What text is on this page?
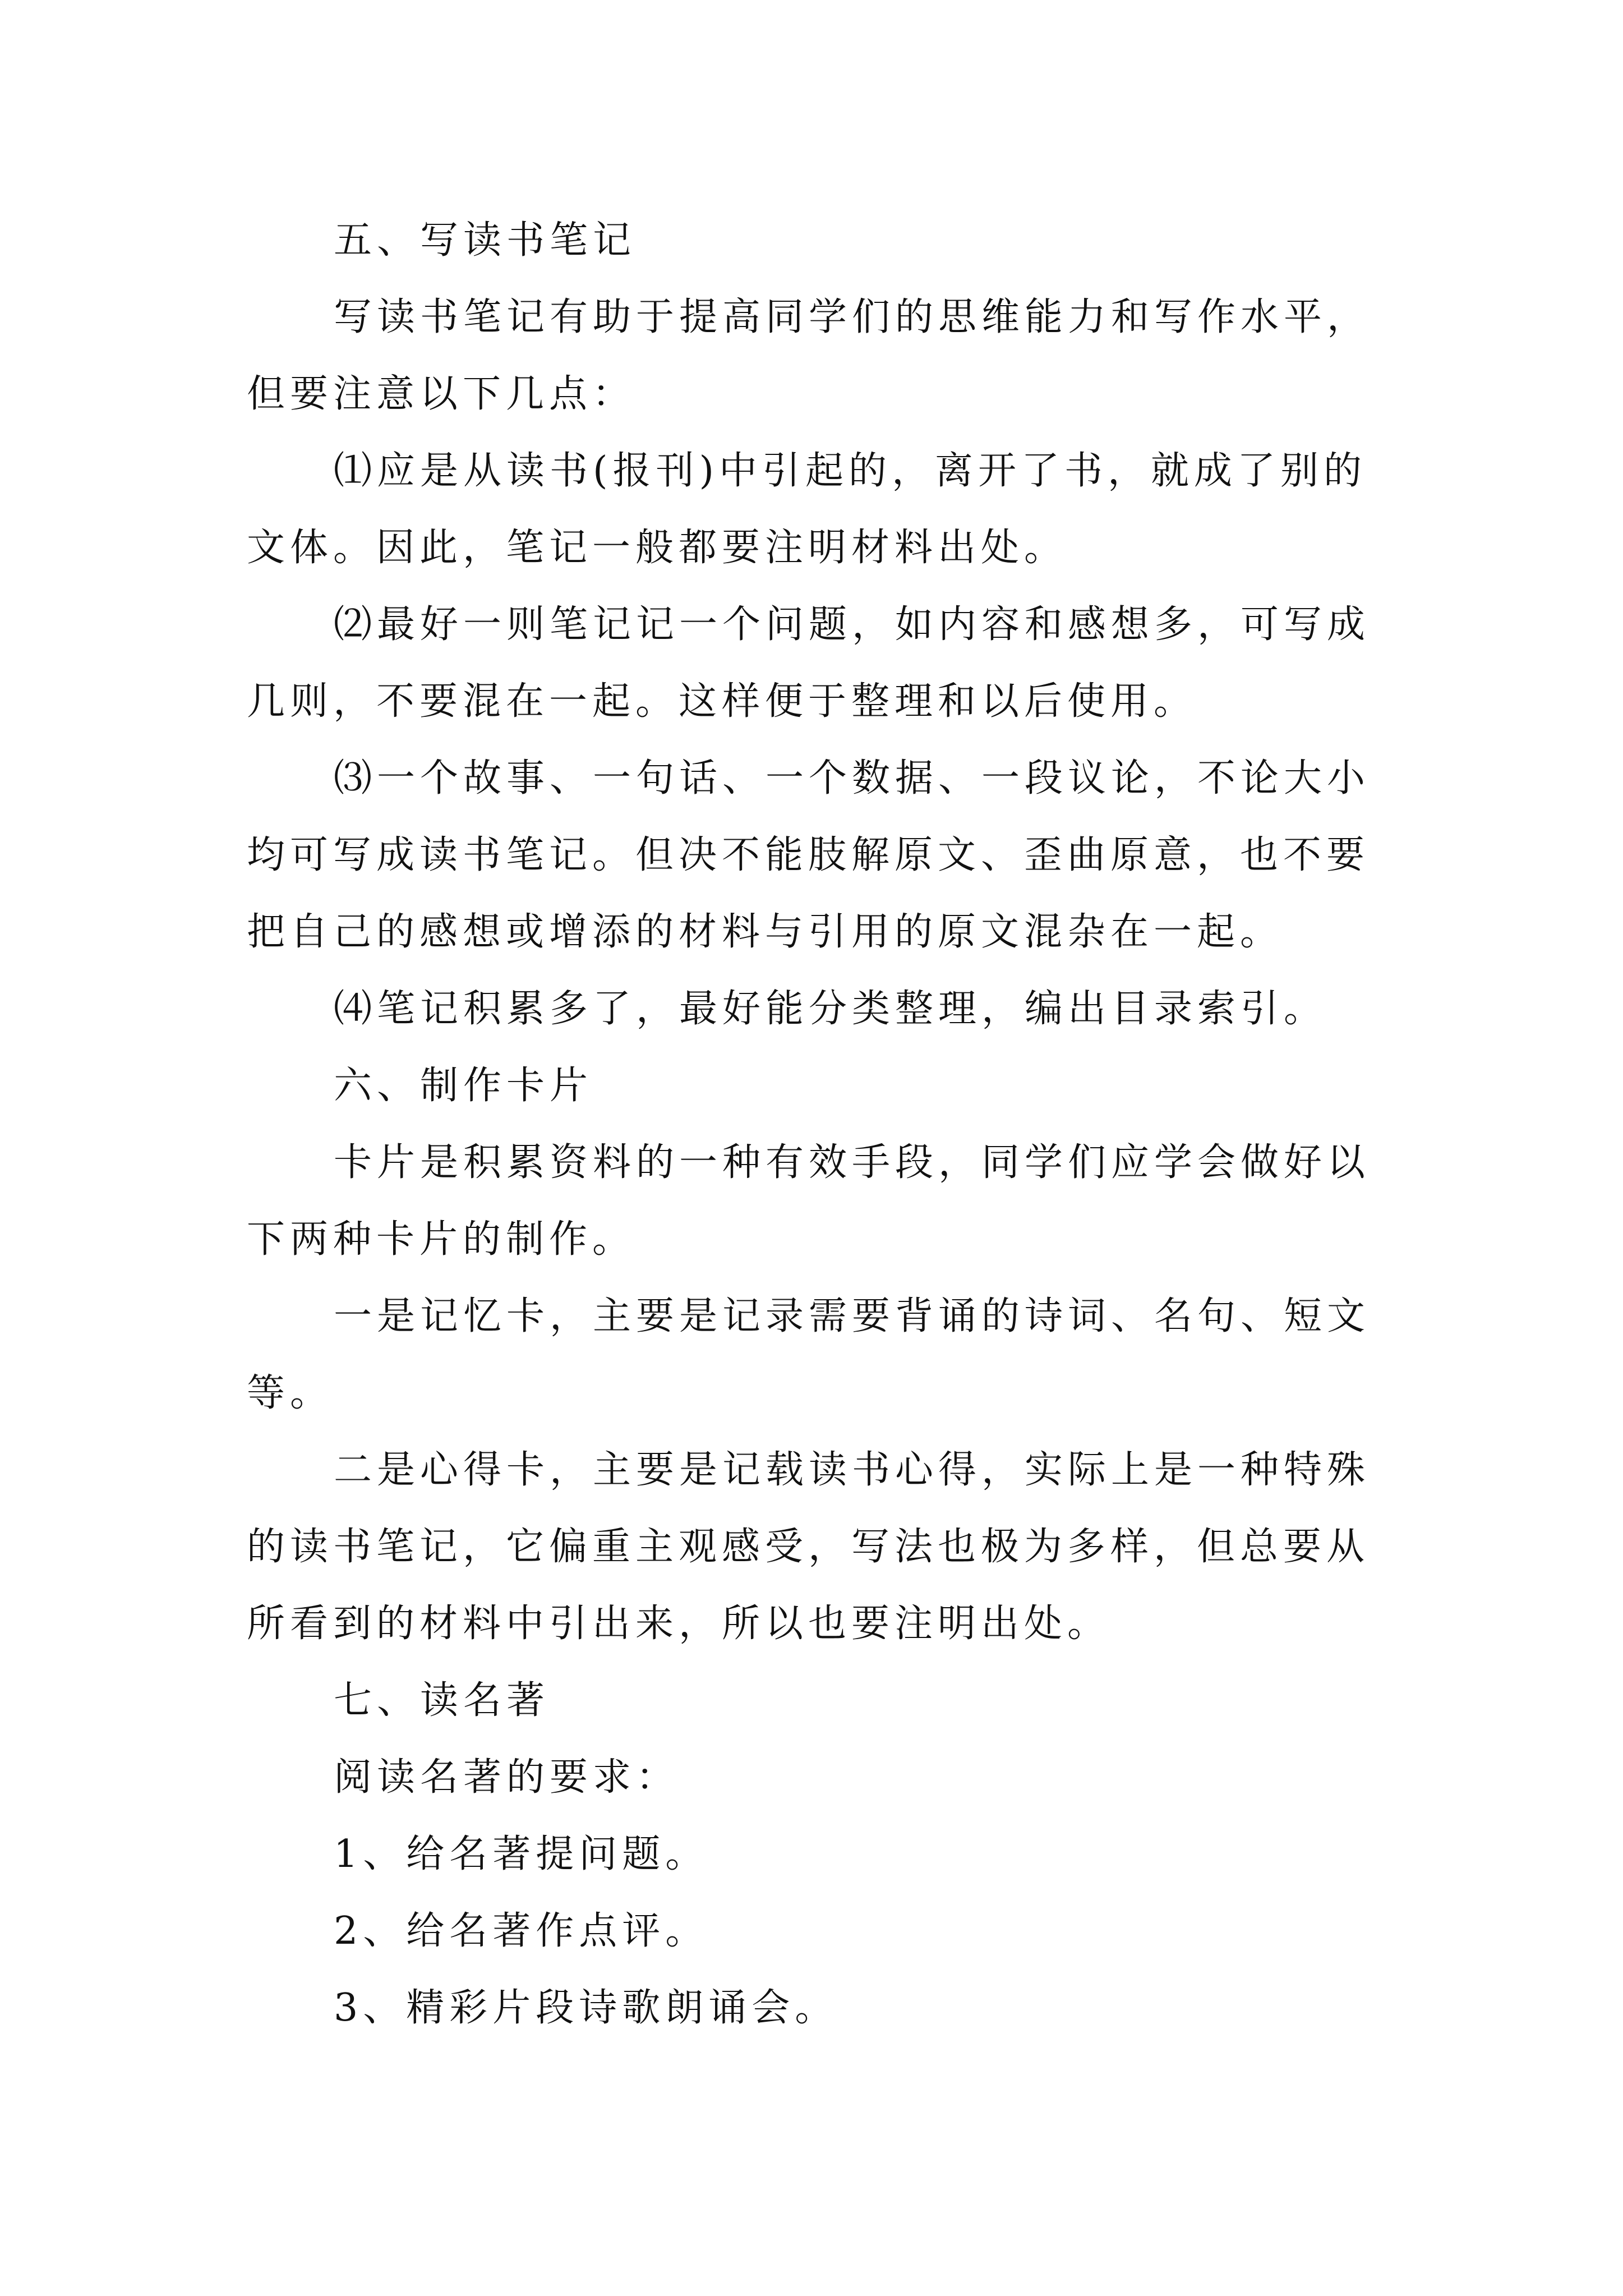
五、写读书笔记

写读书笔记有助于提高同学们的思维能力和写作水平，但要注意以下几点：

⑴应是从读书(报刊)中引起的，离开了书，就成了别的文体。因此，笔记一般都要注明材料出处。

⑵最好一则笔记记一个问题，如内容和感想多，可写成几则，不要混在一起。这样便于整理和以后使用。

⑶一个故事、一句话、一个数据、一段议论，不论大小均可写成读书笔记。但决不能肢解原文、歪曲原意，也不要把自己的感想或增添的材料与引用的原文混杂在一起。

⑷笔记积累多了，最好能分类整理，编出目录索引。

六、制作卡片

卡片是积累资料的一种有效手段，同学们应学会做好以下两种卡片的制作。

一是记忆卡，主要是记录需要背诵的诗词、名句、短文等。

二是心得卡，主要是记载读书心得，实际上是一种特殊的读书笔记，它偏重主观感受，写法也极为多样，但总要从所看到的材料中引出来，所以也要注明出处。

七、读名著

阅读名著的要求：

1、给名著提问题。

2、给名著作点评。

3、精彩片段诗歌朗诵会。
